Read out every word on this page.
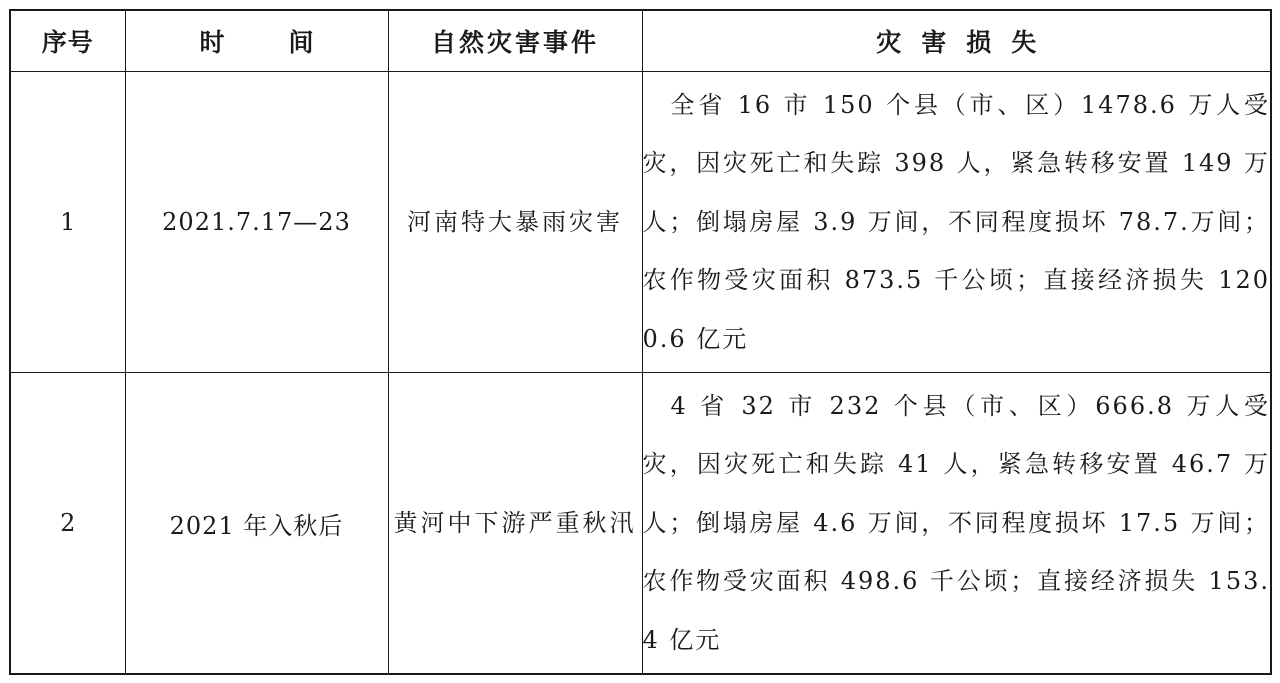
序号	时间	自然灾害事件	灾害损失
1	2021.7.17—23	河南特大暴雨灾害	全省 16 市 150 个县（市、区）1478.6 万人受灾，因灾死亡和失踪 398 人，紧急转移安置 149 万人；倒塌房屋 3.9 万间，不同程度损坏 78.7.万间；农作物受灾面积 873.5 千公顷；直接经济损失 1200.6 亿元
2	2021 年入秋后	黄河中下游严重秋汛	4 省 32 市 232 个县（市、区）666.8 万人受灾，因灾死亡和失踪 41 人，紧急转移安置 46.7 万人；倒塌房屋 4.6 万间，不同程度损坏 17.5 万间；农作物受灾面积 498.6 千公顷；直接经济损失 153.4 亿元
